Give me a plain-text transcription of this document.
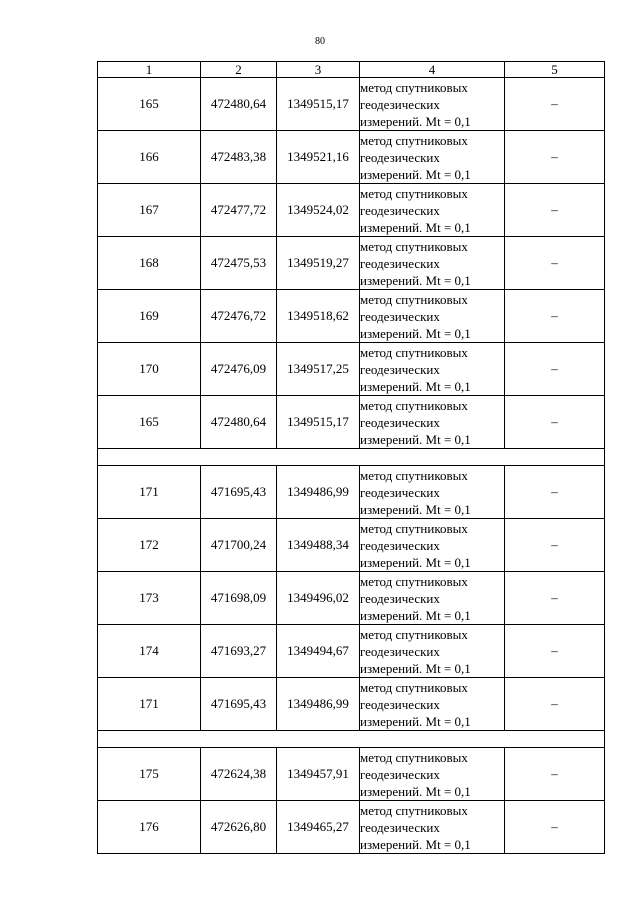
80
1	2	3	4	5
165	472480,64	1349515,17	метод спутниковых
геодезических
измерений. Mt = 0,1	–
166	472483,38	1349521,16	метод спутниковых
геодезических
измерений. Mt = 0,1	–
167	472477,72	1349524,02	метод спутниковых
геодезических
измерений. Mt = 0,1	–
168	472475,53	1349519,27	метод спутниковых
геодезических
измерений. Mt = 0,1	–
169	472476,72	1349518,62	метод спутниковых
геодезических
измерений. Mt = 0,1	–
170	472476,09	1349517,25	метод спутниковых
геодезических
измерений. Mt = 0,1	–
165	472480,64	1349515,17	метод спутниковых
геодезических
измерений. Mt = 0,1	–

171	471695,43	1349486,99	метод спутниковых
геодезических
измерений. Mt = 0,1	–
172	471700,24	1349488,34	метод спутниковых
геодезических
измерений. Mt = 0,1	–
173	471698,09	1349496,02	метод спутниковых
геодезических
измерений. Mt = 0,1	–
174	471693,27	1349494,67	метод спутниковых
геодезических
измерений. Mt = 0,1	–
171	471695,43	1349486,99	метод спутниковых
геодезических
измерений. Mt = 0,1	–

175	472624,38	1349457,91	метод спутниковых
геодезических
измерений. Mt = 0,1	–
176	472626,80	1349465,27	метод спутниковых
геодезических
измерений. Mt = 0,1	–
